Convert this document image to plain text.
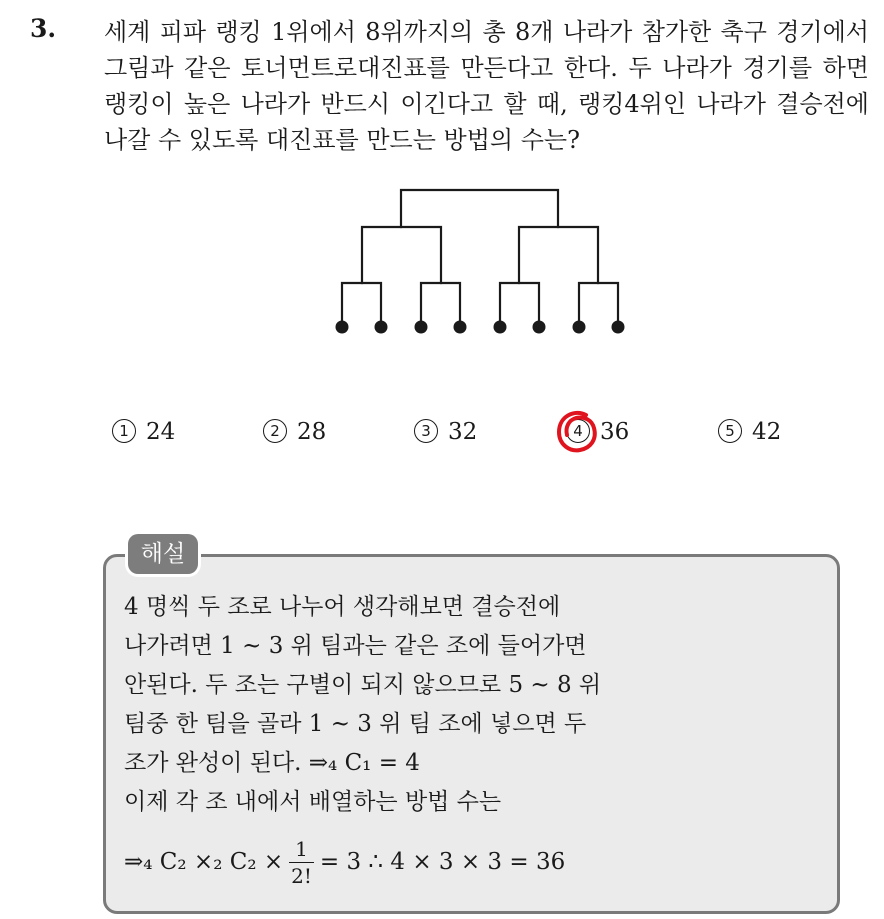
3. 세계 피파 랭킹 1위에서 8위까지의 총 8개 나라가 참가한 축구 경기에서 그림과 같은 토너먼트로대진표를 만든다고 한다. 두 나라가 경기를 하면 랭킹이 높은 나라가 반드시 이긴다고 할 때, 랭킹4위인 나라가 결승전에 나갈 수 있도록 대진표를 만드는 방법의 수는?

1 24	2 28	3 32	4 36	5 42
해설
4 명씩 두 조로 나누어 생각해보면 결승전에
나가려면 1 ~ 3 위 팀과는 같은 조에 들어가면
안된다. 두 조는 구별이 되지 않으므로 5 ~ 8 위
팀중 한 팀을 골라 1 ~ 3 위 팀 조에 넣으면 두
조가 완성이 된다. ⇒₄ C₁ = 4
이제 각 조 내에서 배열하는 방법 수는
⇒₄ C₂ ×₂ $C_2 \times \frac{1}{2!} = 3$ ∴ 4 × 3 × 3 = 36
